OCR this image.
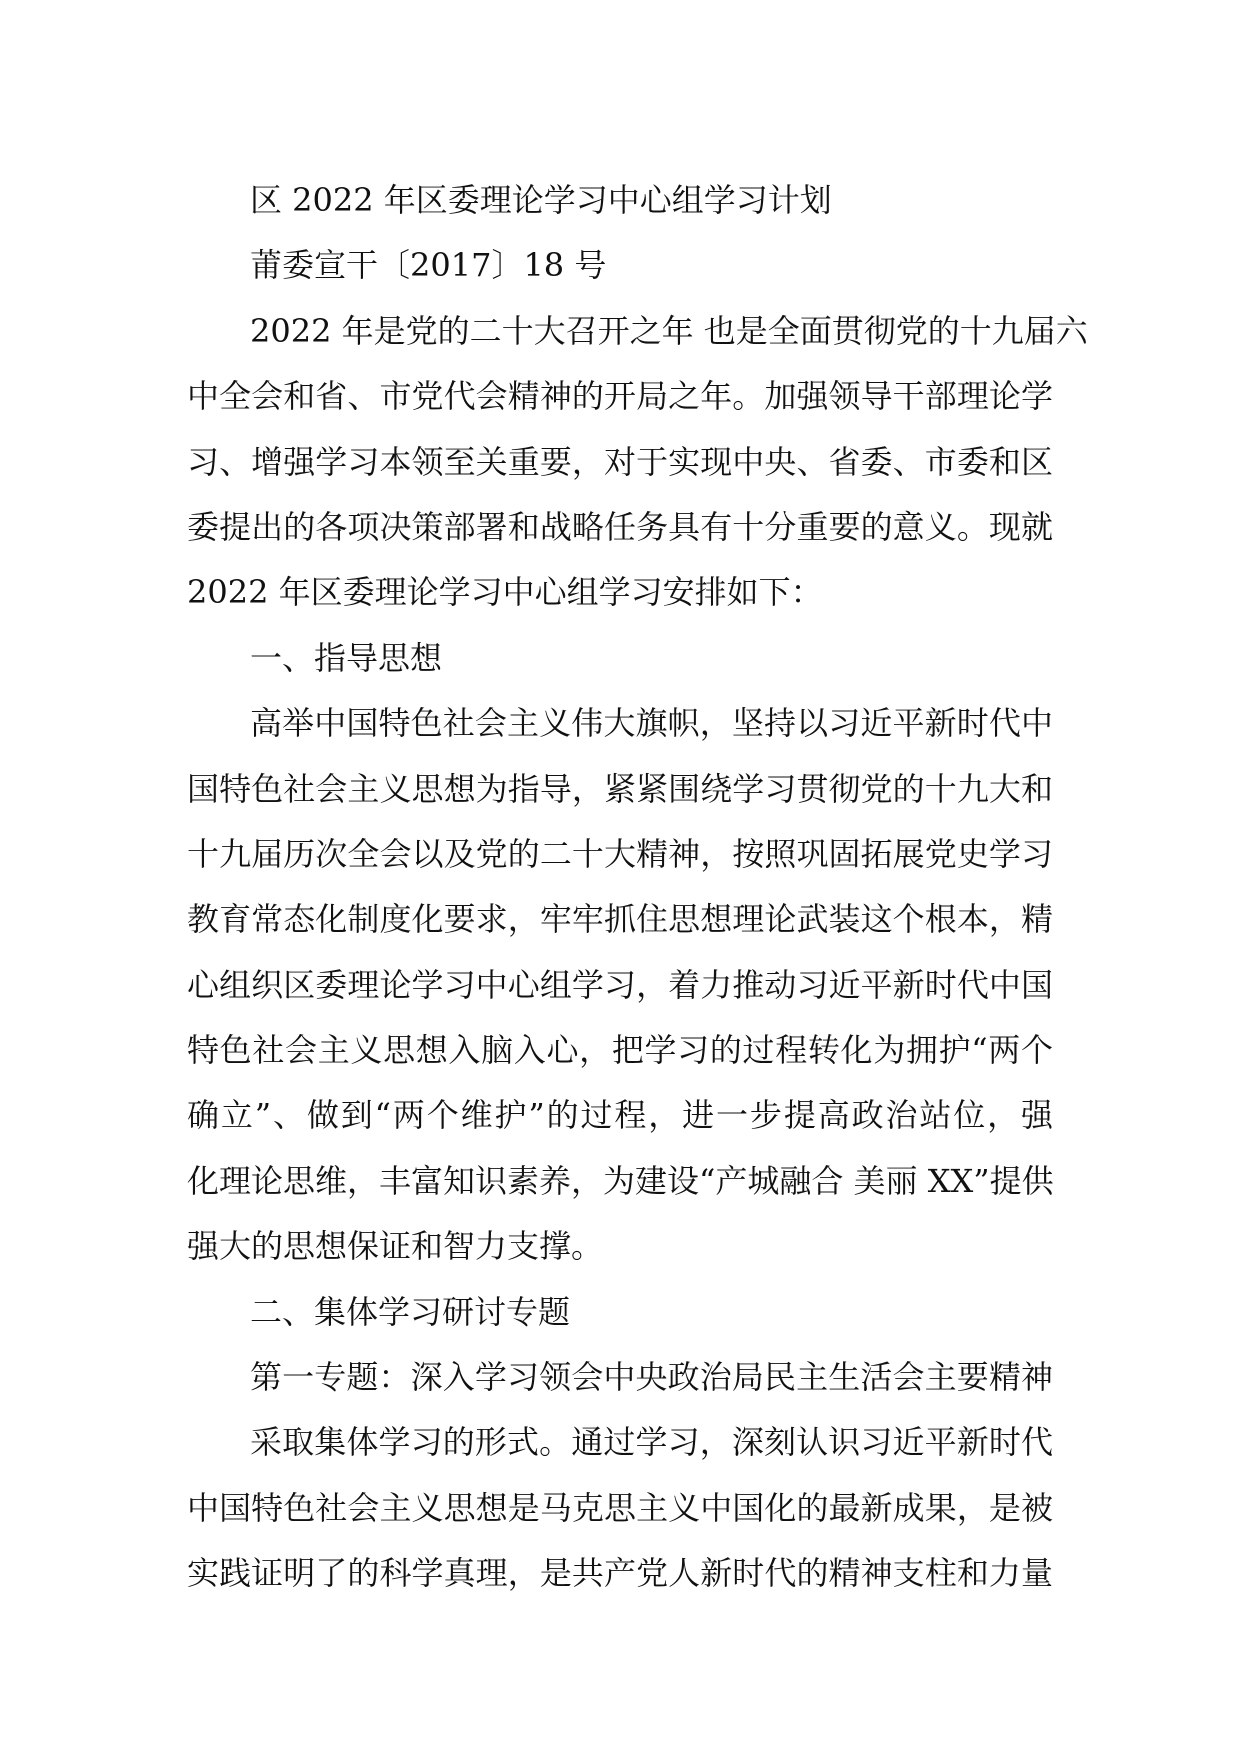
区 2022 年区委理论学习中心组学习计划
莆委宣干〔2017〕18 号
2022 年是党的二十大召开之年 也是全面贯彻党的十九届六
中全会和省、市党代会精神的开局之年。加强领导干部理论学
习、增强学习本领至关重要，对于实现中央、省委、市委和区
委提出的各项决策部署和战略任务具有十分重要的意义。现就
2022 年区委理论学习中心组学习安排如下：
一、指导思想
高举中国特色社会主义伟大旗帜，坚持以习近平新时代中
国特色社会主义思想为指导，紧紧围绕学习贯彻党的十九大和
十九届历次全会以及党的二十大精神，按照巩固拓展党史学习
教育常态化制度化要求，牢牢抓住思想理论武装这个根本，精
心组织区委理论学习中心组学习，着力推动习近平新时代中国
特色社会主义思想入脑入心，把学习的过程转化为拥护“两个
确立”、做到“两个维护”的过程，进一步提高政治站位，强
化理论思维，丰富知识素养，为建设“产城融合 美丽 XX”提供
强大的思想保证和智力支撑。
二、集体学习研讨专题
第一专题：深入学习领会中央政治局民主生活会主要精神
采取集体学习的形式。通过学习，深刻认识习近平新时代
中国特色社会主义思想是马克思主义中国化的最新成果，是被
实践证明了的科学真理，是共产党人新时代的精神支柱和力量
